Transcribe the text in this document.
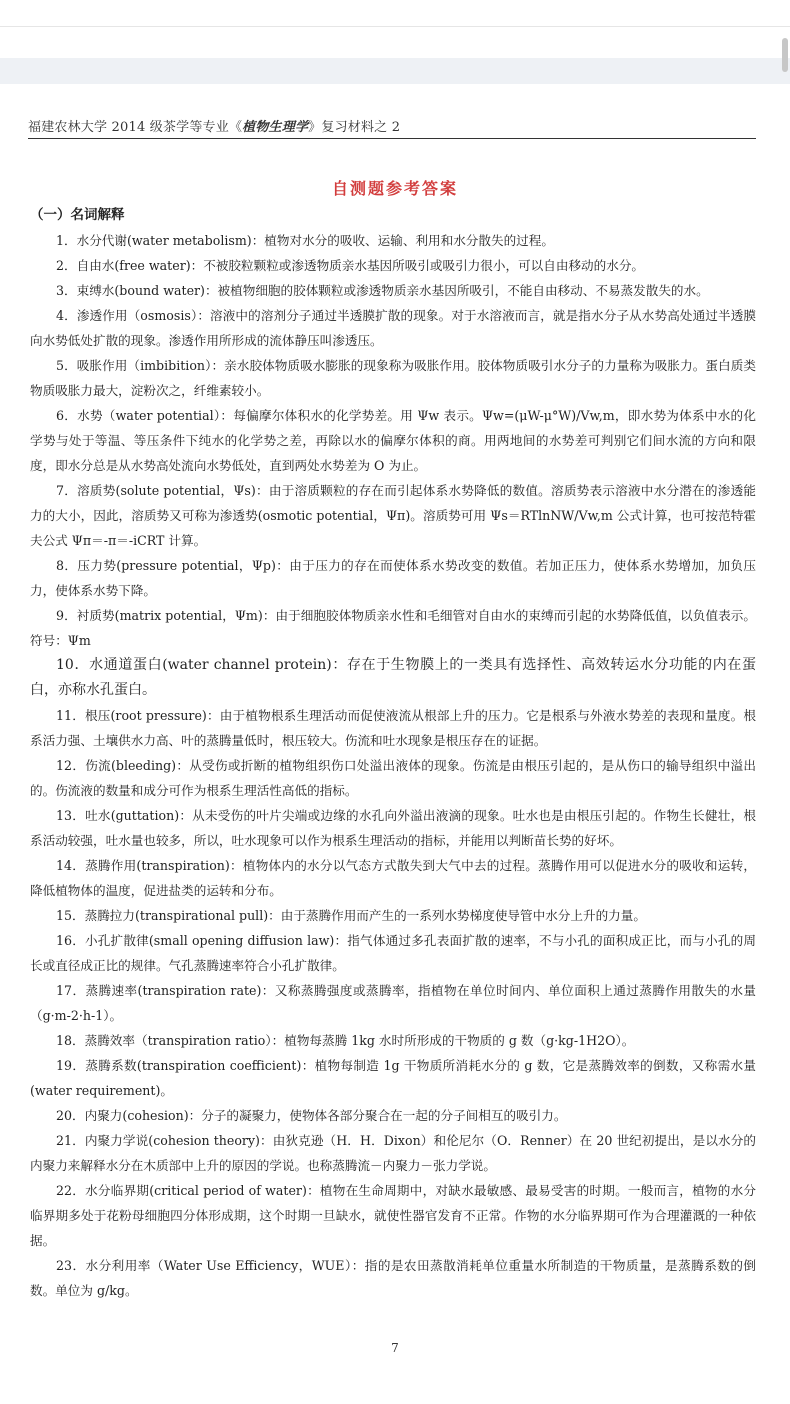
福建农林大学 2014 级茶学等专业《植物生理学》复习材料之 2
自测题参考答案
（一）名词解释

1．水分代谢(water metabolism)：植物对水分的吸收、运输、利用和水分散失的过程。

2．自由水(free water)：不被胶粒颗粒或渗透物质亲水基因所吸引或吸引力很小，可以自由移动的水分。

3．束缚水(bound water)：被植物细胞的胶体颗粒或渗透物质亲水基因所吸引，不能自由移动、不易蒸发散失的水。

4．渗透作用（osmosis）：溶液中的溶剂分子通过半透膜扩散的现象。对于水溶液而言，就是指水分子从水势高处通过半透膜向水势低处扩散的现象。渗透作用所形成的流体静压叫渗透压。

5．吸胀作用（imbibition）：亲水胶体物质吸水膨胀的现象称为吸胀作用。胶体物质吸引水分子的力量称为吸胀力。蛋白质类物质吸胀力最大，淀粉次之，纤维素较小。

6．水势（water potential）：每偏摩尔体积水的化学势差。用 Ψw 表示。Ψw=(μW-μ°W)/Vw,m，即水势为体系中水的化学势与处于等温、等压条件下纯水的化学势之差，再除以水的偏摩尔体积的商。用两地间的水势差可判别它们间水流的方向和限度，即水分总是从水势高处流向水势低处，直到两处水势差为 O 为止。

7．溶质势(solute potential，Ψs)：由于溶质颗粒的存在而引起体系水势降低的数值。溶质势表示溶液中水分潜在的渗透能力的大小，因此，溶质势又可称为渗透势(osmotic potential，Ψπ)。溶质势可用 Ψs＝RTlnNW/Vw,m 公式计算，也可按范特霍夫公式 Ψπ＝-π＝-iCRT 计算。

8．压力势(pressure potential，Ψp)：由于压力的存在而使体系水势改变的数值。若加正压力，使体系水势增加，加负压力，使体系水势下降。

9．衬质势(matrix potential，Ψm)：由于细胞胶体物质亲水性和毛细管对自由水的束缚而引起的水势降低值，以负值表示。符号：Ψm

10．水通道蛋白(water channel protein)：存在于生物膜上的一类具有选择性、高效转运水分功能的内在蛋白，亦称水孔蛋白。

11．根压(root pressure)：由于植物根系生理活动而促使液流从根部上升的压力。它是根系与外液水势差的表现和量度。根系活力强、土壤供水力高、叶的蒸腾量低时，根压较大。伤流和吐水现象是根压存在的证据。

12．伤流(bleeding)：从受伤或折断的植物组织伤口处溢出液体的现象。伤流是由根压引起的，是从伤口的输导组织中溢出的。伤流液的数量和成分可作为根系生理活性高低的指标。

13．吐水(guttation)：从未受伤的叶片尖端或边缘的水孔向外溢出液滴的现象。吐水也是由根压引起的。作物生长健壮，根系活动较强，吐水量也较多，所以，吐水现象可以作为根系生理活动的指标，并能用以判断苗长势的好坏。

14．蒸腾作用(transpiration)：植物体内的水分以气态方式散失到大气中去的过程。蒸腾作用可以促进水分的吸收和运转，降低植物体的温度，促进盐类的运转和分布。

15．蒸腾拉力(transpirational pull)：由于蒸腾作用而产生的一系列水势梯度使导管中水分上升的力量。

16．小孔扩散律(small opening diffusion law)：指气体通过多孔表面扩散的速率，不与小孔的面积成正比，而与小孔的周长或直径成正比的规律。气孔蒸腾速率符合小孔扩散律。

17．蒸腾速率(transpiration rate)：又称蒸腾强度或蒸腾率，指植物在单位时间内、单位面积上通过蒸腾作用散失的水量（g·m-2·h-1）。

18．蒸腾效率（transpiration ratio）：植物每蒸腾 1kg 水时所形成的干物质的 g 数（g·kg-1H2O）。

19．蒸腾系数(transpiration coefficient)：植物每制造 1g 干物质所消耗水分的 g 数，它是蒸腾效率的倒数，又称需水量(water requirement)。

20．内聚力(cohesion)：分子的凝聚力，使物体各部分聚合在一起的分子间相互的吸引力。

21．内聚力学说(cohesion theory)：由狄克逊（H．H．Dixon）和伦尼尔（O．Renner）在 20 世纪初提出，是以水分的内聚力来解释水分在木质部中上升的原因的学说。也称蒸腾流－内聚力－张力学说。

22．水分临界期(critical period of water)：植物在生命周期中，对缺水最敏感、最易受害的时期。一般而言，植物的水分临界期多处于花粉母细胞四分体形成期，这个时期一旦缺水，就使性器官发育不正常。作物的水分临界期可作为合理灌溉的一种依据。

23．水分利用率（Water Use Efficiency，WUE）：指的是农田蒸散消耗单位重量水所制造的干物质量，是蒸腾系数的倒数。单位为 g/kg。

7
